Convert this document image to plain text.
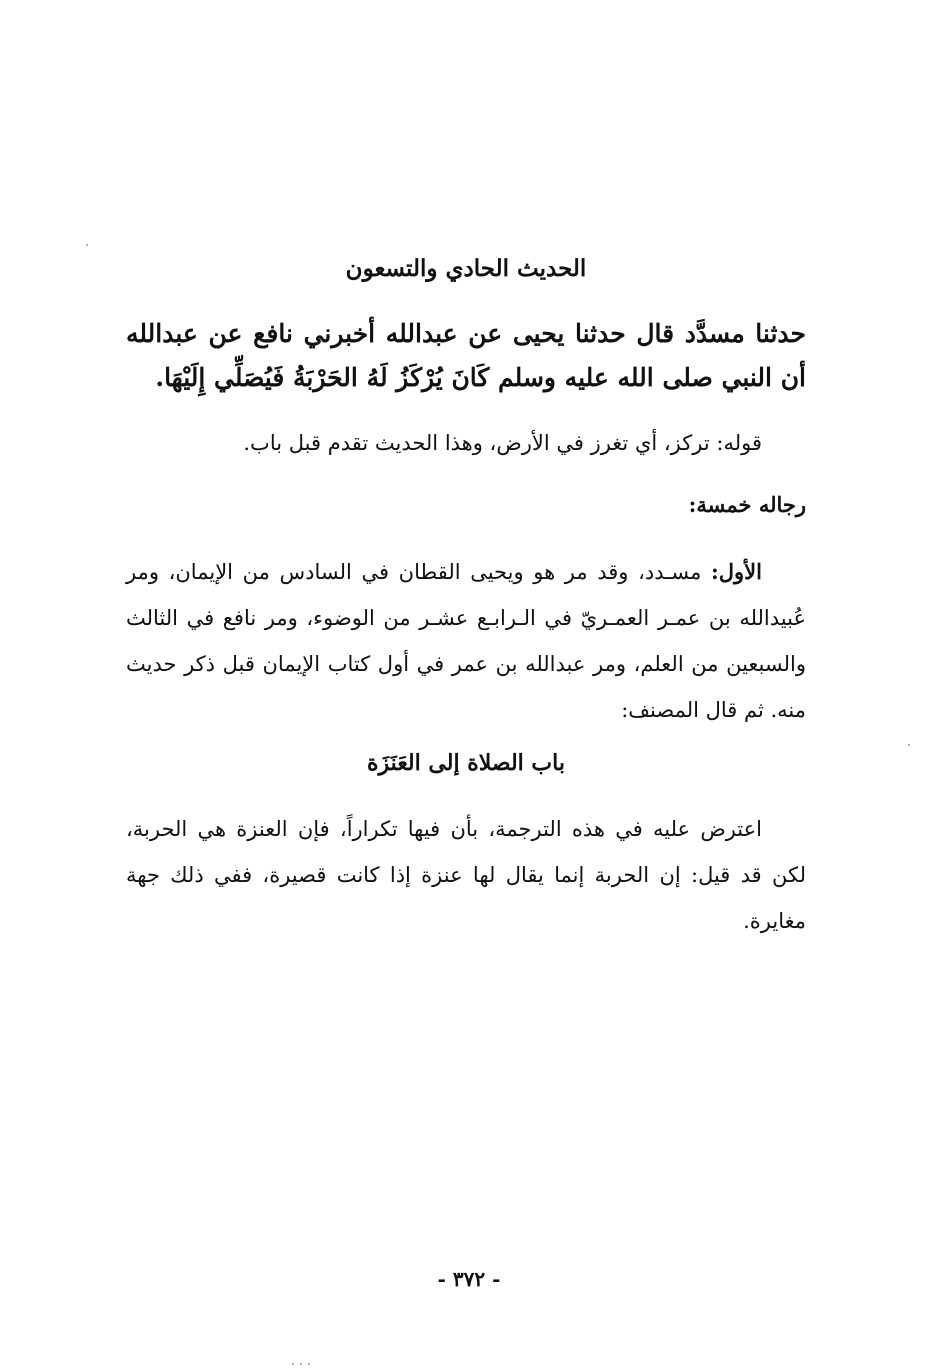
الحديث الحادي والتسعون
حدثنا مسدَّد قال حدثنا يحيى عن عبدالله أخبرني نافع عن عبدالله أن النبي صلى الله عليه وسلم كَانَ يُرْكَزُ لَهُ الحَرْبَةُ فَيُصَلِّي إِلَيْهَا.
قوله: تركز، أي تغرز في الأرض، وهذا الحديث تقدم قبل باب.
رجاله خمسة:
الأول: مسـدد، وقد مر هو ويحيى القطان في السادس من الإيمان، ومر عُبيدالله بن عمـر العمـريّ في الـرابـع عشـر من الوضوء، ومر نافع في الثالث والسبعين من العلم، ومر عبدالله بن عمر في أول كتاب الإيمان قبل ذكر حديث منه. ثم قال المصنف:
باب الصلاة إلى العَنَزَة
اعترض عليه في هذه الترجمة، بأن فيها تكراراً، فإن العنزة هي الحربة، لكن قد قيل: إن الحربة إنما يقال لها عنزة إذا كانت قصيرة، ففي ذلك جهة مغايرة.
- ٣٧٢ -
